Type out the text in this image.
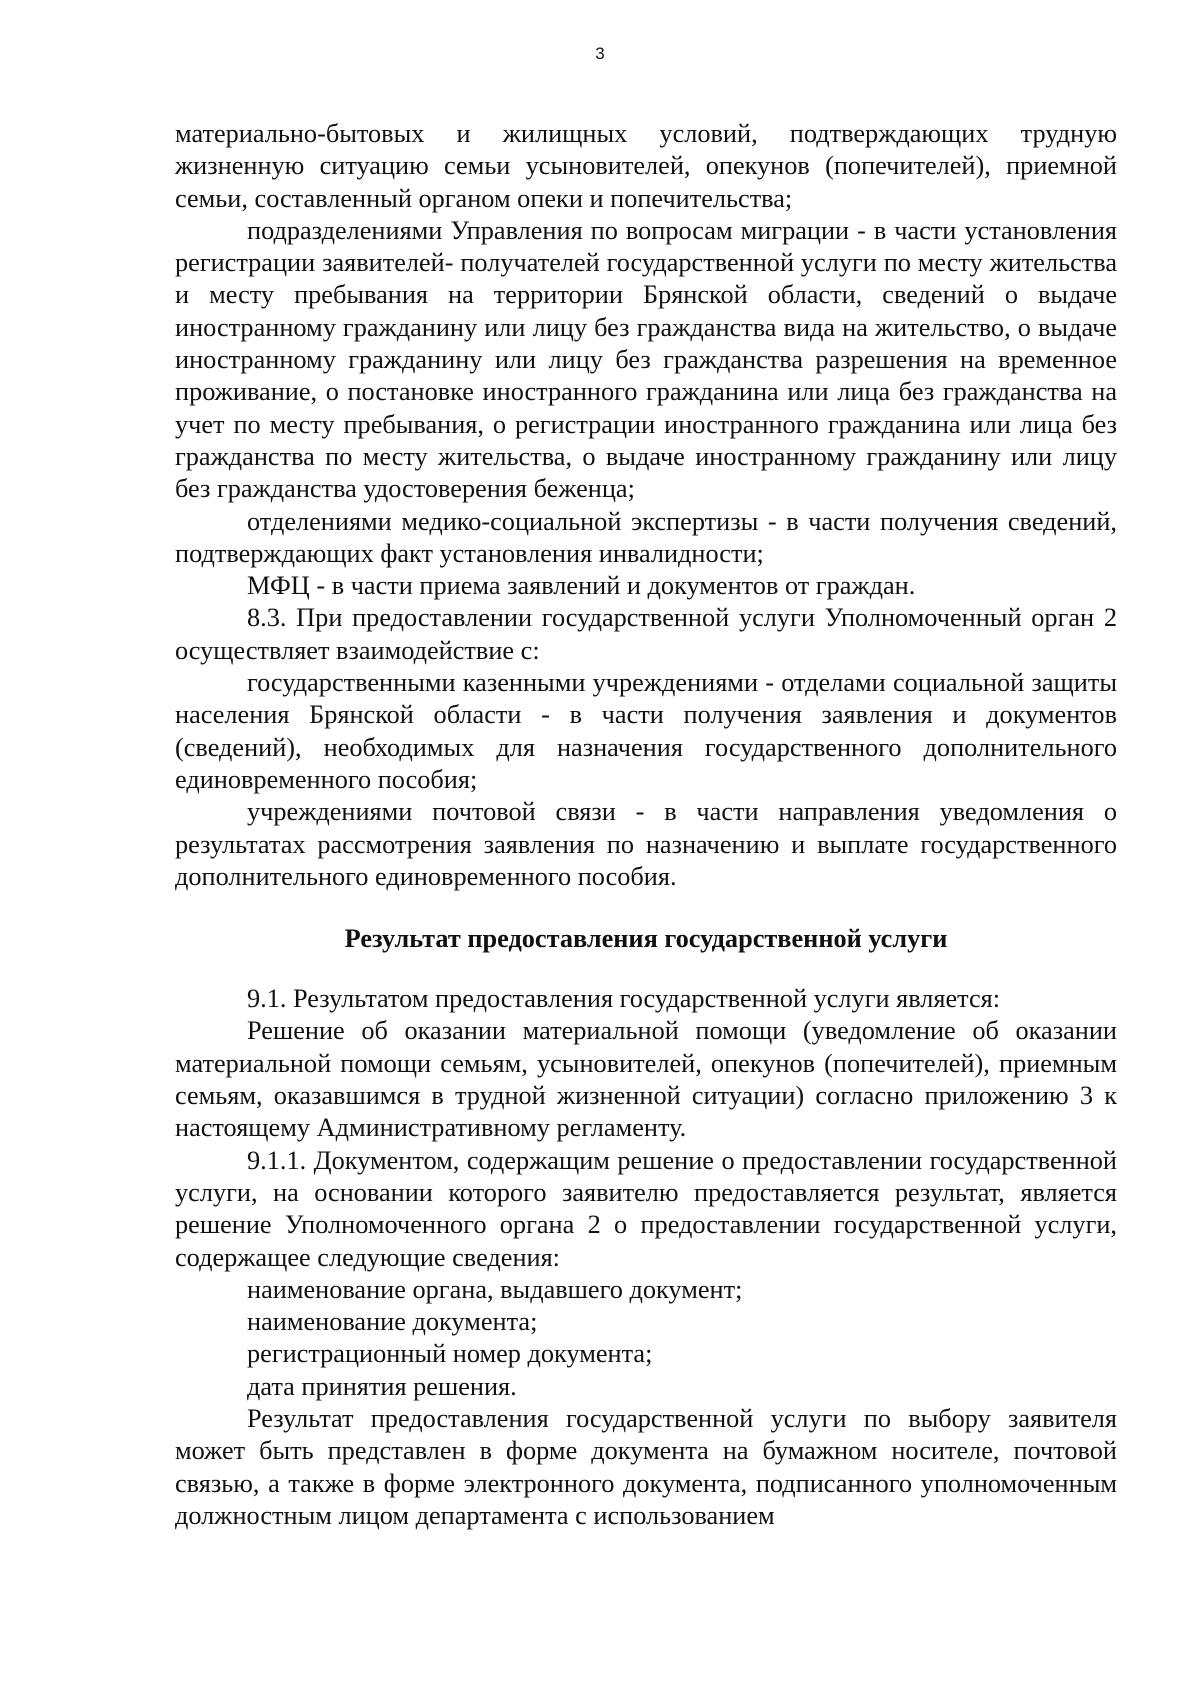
3

материально-бытовых и жилищных условий, подтверждающих трудную жизненную ситуацию семьи усыновителей, опекунов (попечителей), приемной семьи, составленный органом опеки и попечительства;

подразделениями Управления по вопросам миграции - в части установления регистрации заявителей- получателей государственной услуги по месту жительства и месту пребывания на территории Брянской области, сведений о выдаче иностранному гражданину или лицу без гражданства вида на жительство, о выдаче иностранному гражданину или лицу без гражданства разрешения на временное проживание, о постановке иностранного гражданина или лица без гражданства на учет по месту пребывания, о регистрации иностранного гражданина или лица без гражданства по месту жительства, о выдаче иностранному гражданину или лицу без гражданства удостоверения беженца;

отделениями медико-социальной экспертизы - в части получения сведений, подтверждающих факт установления инвалидности;

МФЦ - в части приема заявлений и документов от граждан.

8.3. При предоставлении государственной услуги Уполномоченный орган 2 осуществляет взаимодействие с:

государственными казенными учреждениями - отделами социальной защиты населения Брянской области - в части получения заявления и документов (сведений), необходимых для назначения государственного дополнительного единовременного пособия;

учреждениями почтовой связи - в части направления уведомления о результатах рассмотрения заявления по назначению и выплате государственного дополнительного единовременного пособия.

Результат предоставления государственной услуги

9.1. Результатом предоставления государственной услуги является:

Решение об оказании материальной помощи (уведомление об оказании материальной помощи семьям, усыновителей, опекунов (попечителей), приемным семьям, оказавшимся в трудной жизненной ситуации) согласно приложению 3 к настоящему Административному регламенту.

9.1.1. Документом, содержащим решение о предоставлении государственной услуги, на основании которого заявителю предоставляется результат, является решение Уполномоченного органа 2 о предоставлении государственной услуги, содержащее следующие сведения:

наименование органа, выдавшего документ;

наименование документа;

регистрационный номер документа;

дата принятия решения.

Результат предоставления государственной услуги по выбору заявителя может быть представлен в форме документа на бумажном носителе, почтовой связью, а также в форме электронного документа, подписанного уполномоченным должностным лицом департамента с использованием
